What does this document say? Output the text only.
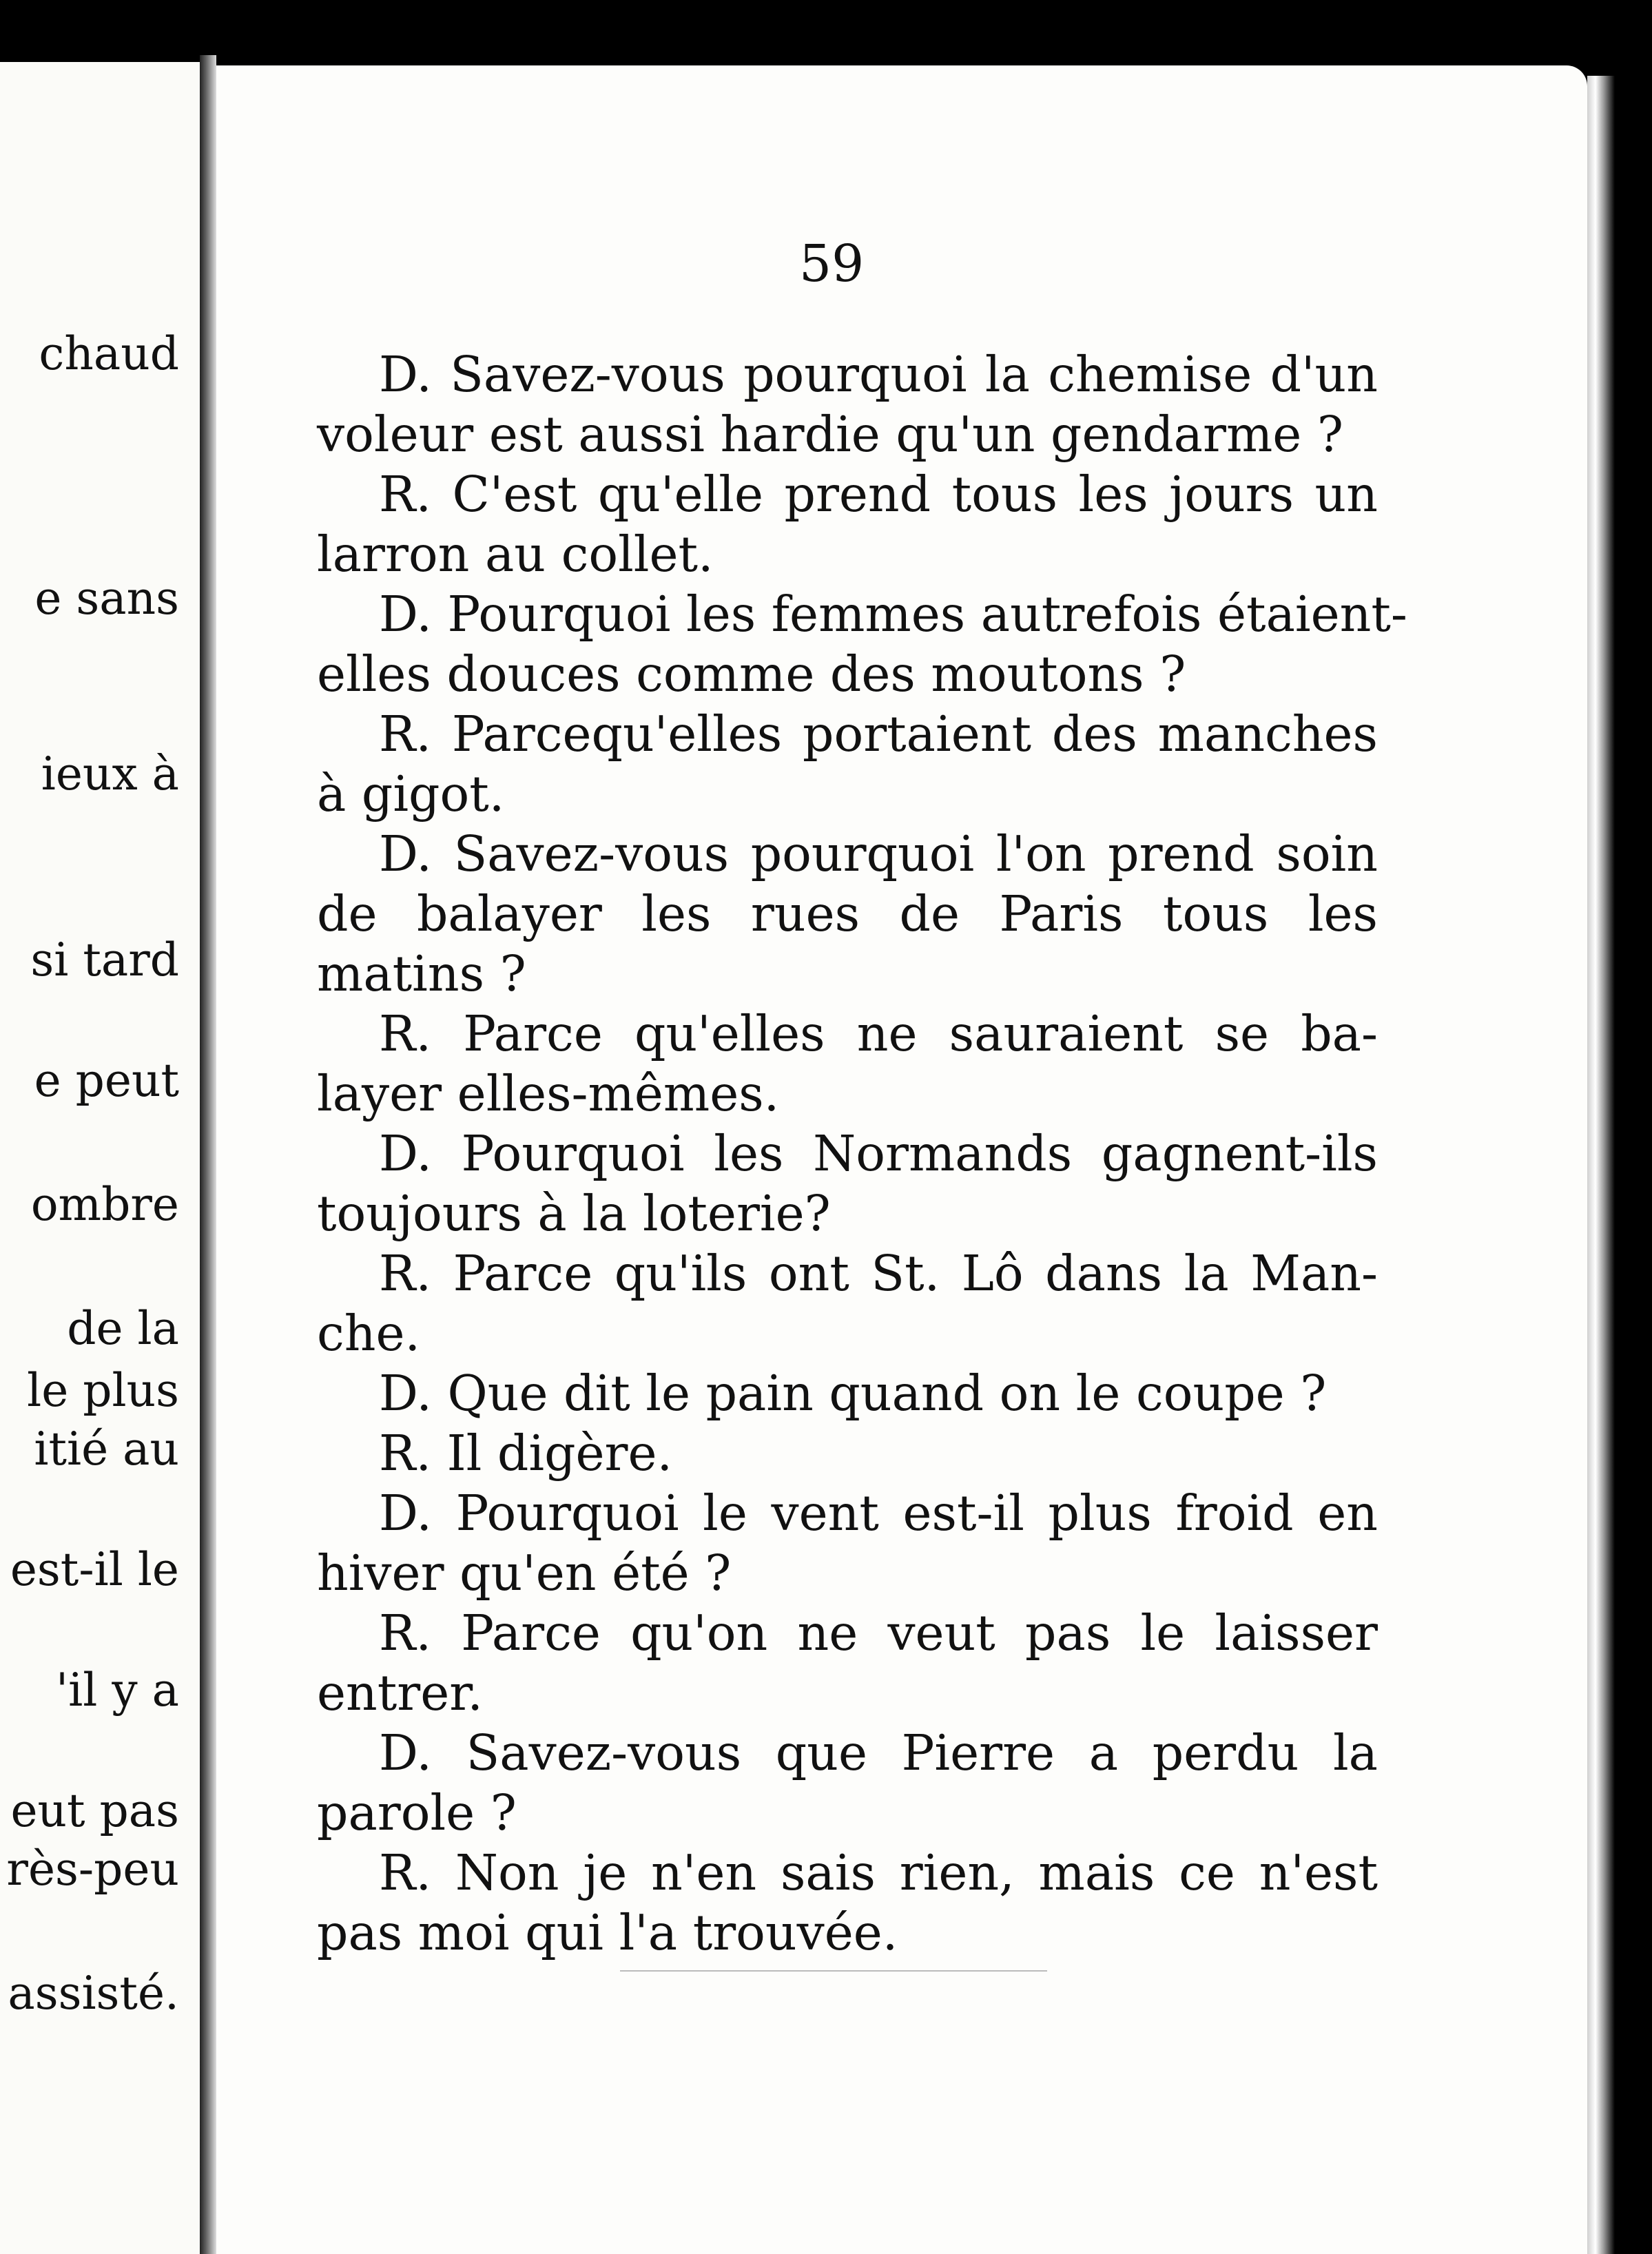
chaud
e sans
ieux à
si tard
e peut
ombre
de la
le plus
itié au
est-il le
'il y a
eut pas
rès-peu
assisté.
59
D. Savez-vous pourquoi la chemise d'un
voleur est aussi hardie qu'un gendarme ?
R. C'est qu'elle prend tous les jours un
larron au collet.
D. Pourquoi les femmes autrefois étaient-
elles douces comme des moutons ?
R. Parcequ'elles portaient des manches
à gigot.
D. Savez-vous pourquoi l'on prend soin
de balayer les rues de Paris tous les
matins ?
R. Parce qu'elles ne sauraient se ba-
layer elles-mêmes.
D. Pourquoi les Normands gagnent-ils
toujours à la loterie?
R. Parce qu'ils ont St. Lô dans la Man-
che.
D. Que dit le pain quand on le coupe ?
R. Il digère.
D. Pourquoi le vent est-il plus froid en
hiver qu'en été ?
R. Parce qu'on ne veut pas le laisser
entrer.
D. Savez-vous que Pierre a perdu la
parole ?
R. Non je n'en sais rien, mais ce n'est
pas moi qui l'a trouvée.
